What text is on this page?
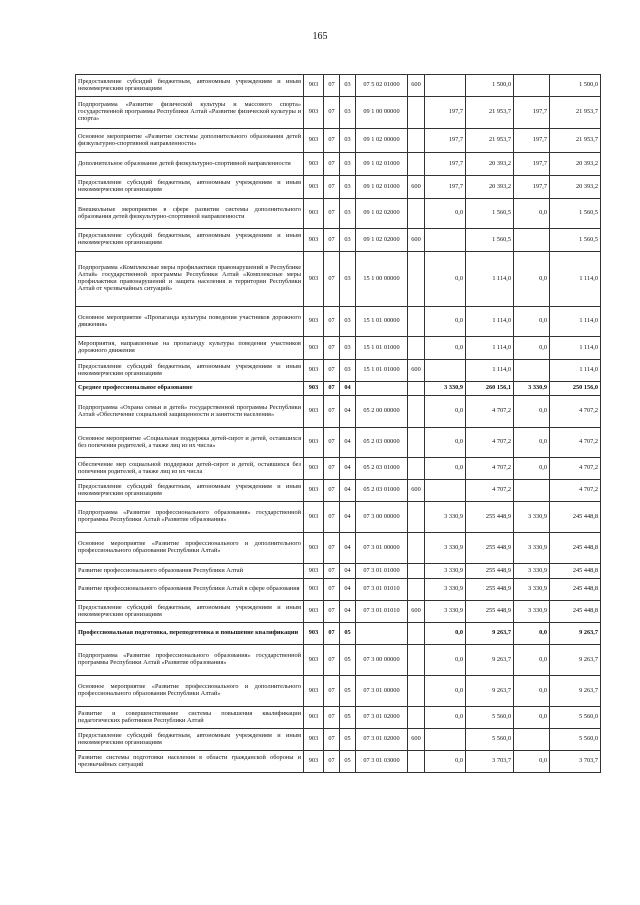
165
Предоставление субсидий бюджетным, автономным учреждениям и иным некоммерческим организациям	903	07	03	07 5 02 01000	600		1 500,0		1 500,0
Подпрограмма «Развитие физической культуры и массового спорта» государственной программы Республики Алтай «Развитие физической культуры и спорта»	903	07	03	09 1 00 00000		197,7	21 953,7	197,7	21 953,7
Основное мероприятие «Развитие системы дополнительного образования детей физкультурно-спортивной направленности»	903	07	03	09 1 02 00000		197,7	21 953,7	197,7	21 953,7
Дополнительное образование детей физкультурно-спортивной направленности	903	07	03	09 1 02 01000		197,7	20 393,2	197,7	20 393,2
Предоставление субсидий бюджетным, автономным учреждениям и иным некоммерческим организациям	903	07	03	09 1 02 01000	600	197,7	20 393,2	197,7	20 393,2
Внешкольные мероприятия в сфере развития системы дополнительного образования детей физкультурно-спортивной направленности	903	07	03	09 1 02 02000		0,0	1 560,5	0,0	1 560,5
Предоставление субсидий бюджетным, автономным учреждениям и иным некоммерческим организациям	903	07	03	09 1 02 02000	600		1 560,5		1 560,5
Подпрограмма «Комплексные меры профилактики правонарушений в Республике Алтай» государственной программы Республики Алтай «Комплексные меры профилактики правонарушений и защита населения и территории Республики Алтай от чрезвычайных ситуаций»	903	07	03	15 1 00 00000		0,0	1 114,0	0,0	1 114,0
Основное мероприятие «Пропаганда культуры поведения участников дорожного движения»	903	07	03	15 1 01 00000		0,0	1 114,0	0,0	1 114,0
Мероприятия, направленные на пропаганду культуры поведения участников дорожного движения	903	07	03	15 1 01 01000		0,0	1 114,0	0,0	1 114,0
Предоставление субсидий бюджетным, автономным учреждениям и иным некоммерческим организациям	903	07	03	15 1 01 01000	600		1 114,0		1 114,0
Среднее профессиональное образование	903	07	04			3 330,9	260 156,1	3 330,9	250 156,0
Подпрограмма «Охрана семьи и детей» государственной программы Республики Алтай «Обеспечение социальной защищенности и занятости населения»	903	07	04	05 2 00 00000		0,0	4 707,2	0,0	4 707,2
Основное мероприятие «Социальная поддержка детей-сирот и детей, оставшихся без попечения родителей, а также лиц из их числа»	903	07	04	05 2 03 00000		0,0	4 707,2	0,0	4 707,2
Обеспечение мер социальной поддержки детей-сирот и детей, оставшихся без попечения родителей, а также лиц из их числа	903	07	04	05 2 03 01000		0,0	4 707,2	0,0	4 707,2
Предоставление субсидий бюджетным, автономным учреждениям и иным некоммерческим организациям	903	07	04	05 2 03 01000	600		4 707,2		4 707,2
Подпрограмма «Развитие профессионального образования» государственной программы Республики Алтай «Развитие образования»	903	07	04	07 3 00 00000		3 330,9	255 448,9	3 330,9	245 448,8
Основное мероприятие «Развитие профессионального и дополнительного профессионального образования Республики Алтай»	903	07	04	07 3 01 00000		3 330,9	255 448,9	3 330,9	245 448,8
Развитие профессионального образования Республики Алтай	903	07	04	07 3 01 01000		3 330,9	255 448,9	3 330,9	245 448,8
Развитие профессионального образования Республики Алтай в сфере образования	903	07	04	07 3 01 01010		3 330,9	255 448,9	3 330,9	245 448,8
Предоставление субсидий бюджетным, автономным учреждениям и иным некоммерческим организациям	903	07	04	07 3 01 01010	600	3 330,9	255 448,9	3 330,9	245 448,8
Профессиональная подготовка, переподготовка и повышение квалификации	903	07	05			0,0	9 263,7	0,0	9 263,7
Подпрограмма «Развитие профессионального образования» государственной программы Республики Алтай «Развитие образования»	903	07	05	07 3 00 00000		0,0	9 263,7	0,0	9 263,7
Основное мероприятие «Развитие профессионального и дополнительного профессионального образования Республики Алтай»	903	07	05	07 3 01 00000		0,0	9 263,7	0,0	9 263,7
Развитие и совершенствование системы повышения квалификации педагогических работников Республики Алтай	903	07	05	07 3 01 02000		0,0	5 560,0	0,0	5 560,0
Предоставление субсидий бюджетным, автономным учреждениям и иным некоммерческим организациям	903	07	05	07 3 01 02000	600		5 560,0		5 560,0
Развитие системы подготовки населения в области гражданской обороны и чрезвычайных ситуаций	903	07	05	07 3 01 03000		0,0	3 703,7	0,0	3 703,7
